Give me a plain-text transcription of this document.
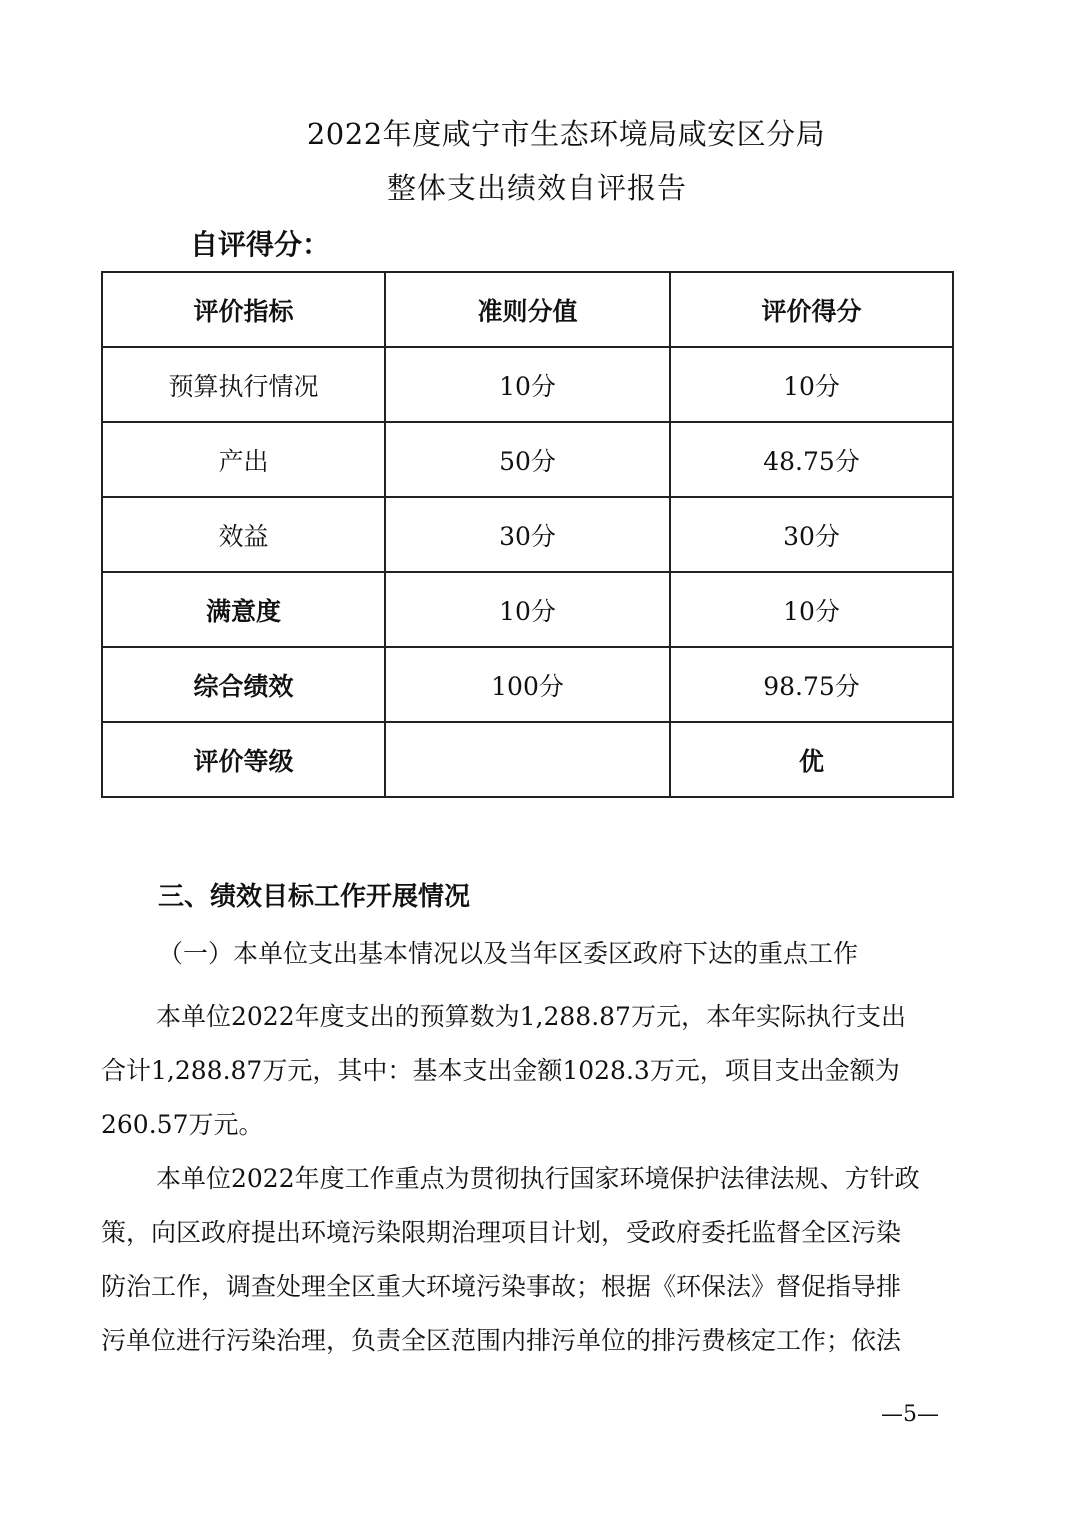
2022年度咸宁市生态环境局咸安区分局
整体支出绩效自评报告
自评得分：
评价指标	准则分值	评价得分
预算执行情况	10分	10分
产出	50分	48.75分
效益	30分	30分
满意度	10分	10分
综合绩效	100分	98.75分
评价等级		优
三、绩效目标工作开展情况
（一）本单位支出基本情况以及当年区委区政府下达的重点工作
本单位2022年度支出的预算数为1,288.87万元，本年实际执行支出
合计1,288.87万元，其中：基本支出金额1028.3万元，项目支出金额为
260.57万元。
本单位2022年度工作重点为贯彻执行国家环境保护法律法规、方针政
策，向区政府提出环境污染限期治理项目计划，受政府委托监督全区污染
防治工作，调查处理全区重大环境污染事故；根据《环保法》督促指导排
污单位进行污染治理，负责全区范围内排污单位的排污费核定工作；依法
—5—
